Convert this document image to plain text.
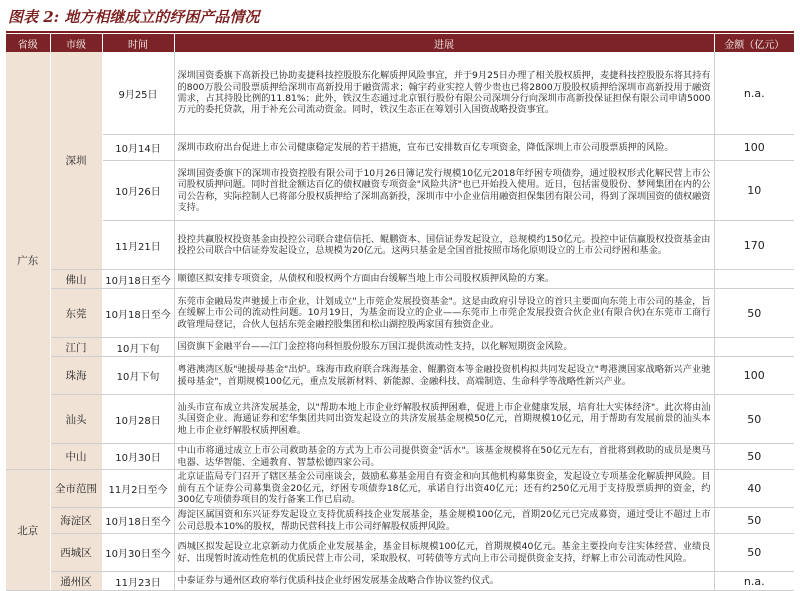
图表 2: 地方相继成立的纾困产品情况
省级	市级	时间	进展	金额（亿元）
广东	深圳	9月25日	深圳国资委旗下高新投已协助麦捷科技控股股东化解质押风险事宜，并于9月25日办理了相关股权质押，麦捷科技控股股东将其持有的800万股公司股票质押给深圳市高新投用于融资需求；翰宇药业实控人曾少贵也已将2800万股股权质押给深圳市高新投用于融资需求，占其持股比例的11.81%；此外，铁汉生态通过北京银行股份有限公司深圳分行向深圳市高新投保证担保有限公司申请5000万元的委托贷款，用于补充公司流动资金。同时，铁汉生态正在筹划引入国资战略投资事宜。	n.a.
		10月14日	深圳市政府出台促进上市公司健康稳定发展的若干措施，宣布已安排数百亿专项资金，降低深圳上市公司股票质押的风险。	100
		10月26日	深圳国资委旗下的深圳市投资控股有限公司于10月26日簿记发行规模10亿元2018年纾困专项债券，通过股权形式化解民营上市公司股权质押问题。同时首批金额达百亿的债权融资专项资金"风险共济"也已开始投入使用。近日，包括雷曼股份、梦网集团在内的公司公告称，实际控制人已将部分股权质押给了深圳高新投，深圳市中小企业信用融资担保集团有限公司，得到了深圳国资的债权融资支持。	10
		11月21日	投控共赢股权投资基金由投控公司联合建信信托、鲲鹏资本、国信证券发起设立，总规模约150亿元。投控中证信赢股权投资基金由投控公司联合中信证券发起设立，总规模为20亿元。这两只基金是全国首批按照市场化原则设立的上市公司纾困和基金。	170
	佛山	10月18日至今	顺德区拟安排专项资金，从债权和股权两个方面由台缓解当地上市公司股权质押风险的方案。	
	东莞	10月18日至今	东莞市金融局发声驰援上市企业，计划成立"上市莞企发展投资基金"。这是由政府引导设立的首只主要面向东莞上市公司的基金，旨在缓解上市公司的流动性问题。10月19日，为基金而设立的企业——东莞市上市莞企发展投资合伙企业(有限合伙)在东莞市工商行政管理局登记，合伙人包括东莞金融控股集团和松山湖控股两家国有独资企业。	50
	江门	10月下旬	国资旗下金融平台——江门金控将向科恒股份股东万国江提供流动性支持，以化解短期资金风险。	
	珠海	10月下旬	粤港澳湾区版"驰援母基金"出炉。珠海市政府联合珠海基金、鲲鹏资本等金融投资机构拟共同发起设立"粤港澳国家战略新兴产业驰援母基金"，首期规模100亿元，重点发展新材料、新能源、金融科技、高端制造、生命科学等战略性新兴产业。	100
	汕头	10月28日	汕头市宣布成立共济发展基金，以"帮助本地上市企业纾解股权质押困难，促进上市企业健康发展，培育壮大实体经济"。此次将由汕头国资企业、海通证券和宏华集团共同出资发起设立的共济发展基金规模50亿元，首期规模10亿元，用于帮助有发展前景的汕头本地上市企业纾解股权质押困难。	50
	中山	10月30日	中山市将通过成立上市公司救助基金的方式为上市公司提供资金"活水"。该基金规模将在50亿元左右，首批将到救助的成员是奥马电器、达华智能、全通教育、智慧松德四家公司。	50
北京	全市范围	11月2日至今	北京证监局专门召开了辖区基金公司座谈会，鼓励私募基金用自有资金和向其他机构募集资金，发起设立专项基金化解质押风险。目前有五个证券公司募集资金20亿元，纾困专项债券18亿元，承诺自行出资40亿元；还有约250亿元用于支持股票质押的资金，约300亿专项债券项目的发行备案工作已启动。	40
	海淀区	10月18日至今	海淀区属国资和东兴证券发起设立支持优质科技企业发展基金，基金规模100亿元，首期20亿元已完成募资，通过受让不超过上市公司总股本10%的股权，帮助民营科技上市公司纾解股权质押风险。	50
	西城区	10月30日至今	西城区拟发起设立北京新动力优质企业发展基金，基金目标规模100亿元，首期规模40亿元。基金主要投向专注实体经营、业绩良好、出现暂时流动性危机的优质民营上市公司，采取股权、可转债等方式向上市公司提供资金支持，纾解上市公司流动性风险。	50
	通州区	11月23日	中泰证券与通州区政府举行优质科技企业纾困发展基金战略合作协议签约仪式。	n.a.
